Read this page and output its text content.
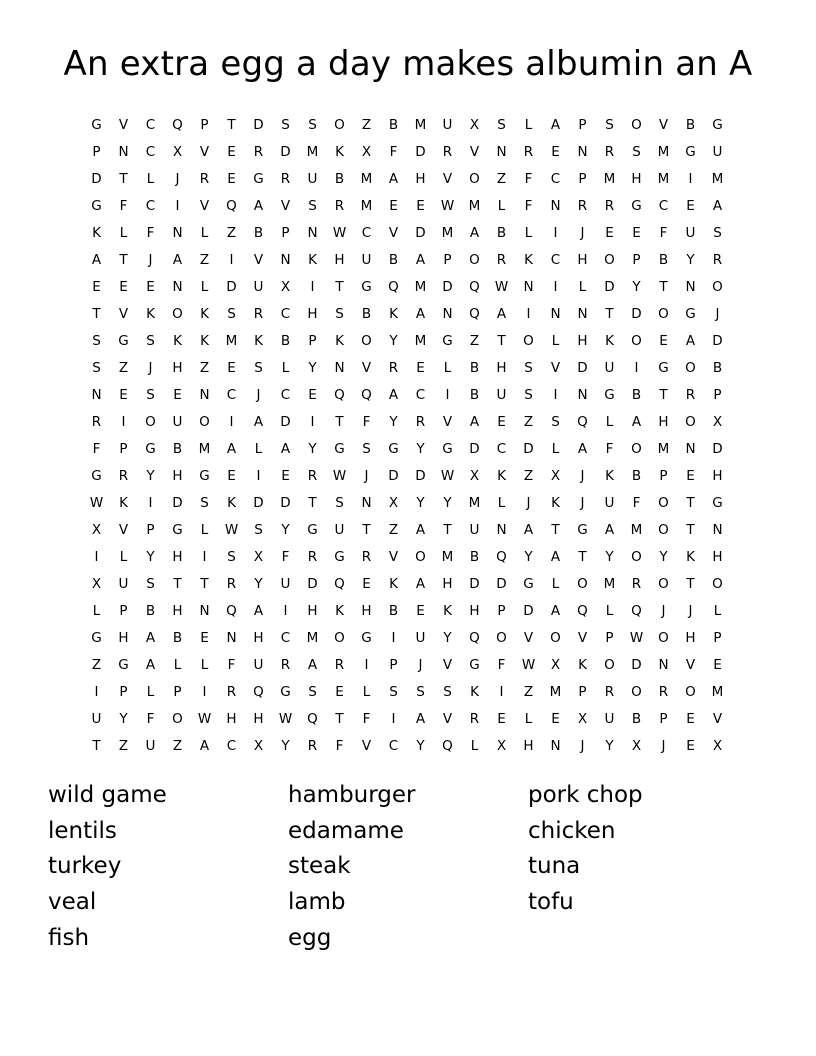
An extra egg a day makes albumin an A
G	V	C	Q	P	T	D	S	S	O	Z	B	M	U	X	S	L	A	P	S	O	V	B	G
P	N	C	X	V	E	R	D	M	K	X	F	D	R	V	N	R	E	N	R	S	M	G	U
D	T	L	J	R	E	G	R	U	B	M	A	H	V	O	Z	F	C	P	M	H	M	I	M
G	F	C	I	V	Q	A	V	S	R	M	E	E	W	M	L	F	N	R	R	G	C	E	A
K	L	F	N	L	Z	B	P	N	W	C	V	D	M	A	B	L	I	J	E	E	F	U	S
A	T	J	A	Z	I	V	N	K	H	U	B	A	P	O	R	K	C	H	O	P	B	Y	R
E	E	E	N	L	D	U	X	I	T	G	Q	M	D	Q	W	N	I	L	D	Y	T	N	O
T	V	K	O	K	S	R	C	H	S	B	K	A	N	Q	A	I	N	N	T	D	O	G	J
S	G	S	K	K	M	K	B	P	K	O	Y	M	G	Z	T	O	L	H	K	O	E	A	D
S	Z	J	H	Z	E	S	L	Y	N	V	R	E	L	B	H	S	V	D	U	I	G	O	B
N	E	S	E	N	C	J	C	E	Q	Q	A	C	I	B	U	S	I	N	G	B	T	R	P
R	I	O	U	O	I	A	D	I	T	F	Y	R	V	A	E	Z	S	Q	L	A	H	O	X
F	P	G	B	M	A	L	A	Y	G	S	G	Y	G	D	C	D	L	A	F	O	M	N	D
G	R	Y	H	G	E	I	E	R	W	J	D	D	W	X	K	Z	X	J	K	B	P	E	H
W	K	I	D	S	K	D	D	T	S	N	X	Y	Y	M	L	J	K	J	U	F	O	T	G
X	V	P	G	L	W	S	Y	G	U	T	Z	A	T	U	N	A	T	G	A	M	O	T	N
I	L	Y	H	I	S	X	F	R	G	R	V	O	M	B	Q	Y	A	T	Y	O	Y	K	H
X	U	S	T	T	R	Y	U	D	Q	E	K	A	H	D	D	G	L	O	M	R	O	T	O
L	P	B	H	N	Q	A	I	H	K	H	B	E	K	H	P	D	A	Q	L	Q	J	J	L
G	H	A	B	E	N	H	C	M	O	G	I	U	Y	Q	O	V	O	V	P	W	O	H	P
Z	G	A	L	L	F	U	R	A	R	I	P	J	V	G	F	W	X	K	O	D	N	V	E
I	P	L	P	I	R	Q	G	S	E	L	S	S	S	K	I	Z	M	P	R	O	R	O	M
U	Y	F	O	W	H	H	W	Q	T	F	I	A	V	R	E	L	E	X	U	B	P	E	V
T	Z	U	Z	A	C	X	Y	R	F	V	C	Y	Q	L	X	H	N	J	Y	X	J	E	X
wild game
lentils
turkey
veal
fish
hamburger
edamame
steak
lamb
egg
pork chop
chicken
tuna
tofu
